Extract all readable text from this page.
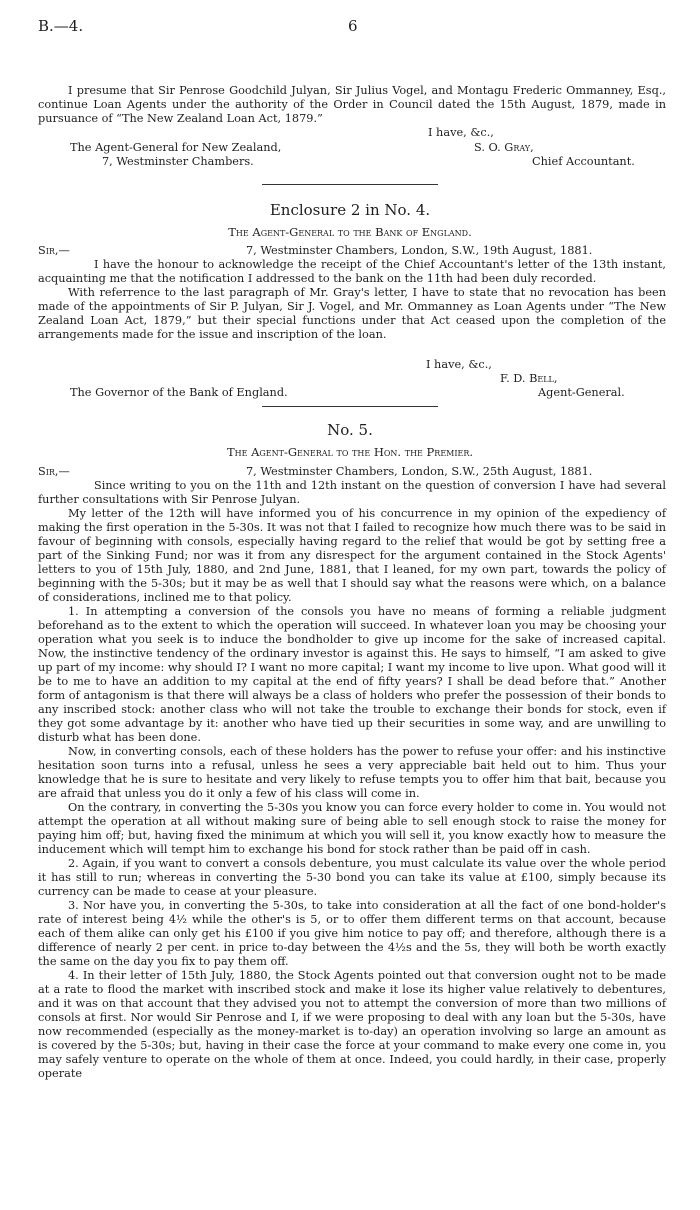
B.—4.	6

I presume that Sir Penrose Goodchild Julyan, Sir Julius Vogel, and Montagu Frederic Ommanney, Esq., continue Loan Agents under the authority of the Order in Council dated the 15th August, 1879, made in pursuance of “The New Zealand Loan Act, 1879.”

I have, &c.,
The Agent-General for New Zealand,	S. O. Gray,
7, Westminster Chambers.	Chief Accountant.
Enclosure 2 in No. 4.
The Agent-General to the Bank of England.
Sir,—	7, Westminster Chambers, London, S.W., 19th August, 1881.

I have the honour to acknowledge the receipt of the Chief Accountant's letter of the 13th instant, acquainting me that the notification I addressed to the bank on the 11th had been duly recorded.

With referrence to the last paragraph of Mr. Gray's letter, I have to state that no revocation has been made of the appointments of Sir P. Julyan, Sir J. Vogel, and Mr. Ommanney as Loan Agents under “The New Zealand Loan Act, 1879,” but their special functions under that Act ceased upon the completion of the arrangements made for the issue and inscription of the loan.

I have, &c.,
F. D. Bell,
The Governor of the Bank of England.	Agent-General.
No. 5.
The Agent-General to the Hon. the Premier.
Sir,—	7, Westminster Chambers, London, S.W., 25th August, 1881.

Since writing to you on the 11th and 12th instant on the question of conversion I have had several further consultations with Sir Penrose Julyan.

My letter of the 12th will have informed you of his concurrence in my opinion of the expediency of making the first operation in the 5-30s. It was not that I failed to recognize how much there was to be said in favour of beginning with consols, especially having regard to the relief that would be got by setting free a part of the Sinking Fund; nor was it from any disrespect for the argument contained in the Stock Agents' letters to you of 15th July, 1880, and 2nd June, 1881, that I leaned, for my own part, towards the policy of beginning with the 5-30s; but it may be as well that I should say what the reasons were which, on a balance of considerations, inclined me to that policy.

1. In attempting a conversion of the consols you have no means of forming a reliable judgment beforehand as to the extent to which the operation will succeed. In whatever loan you may be choosing your operation what you seek is to induce the bondholder to give up income for the sake of increased capital. Now, the instinctive tendency of the ordinary investor is against this. He says to himself, “I am asked to give up part of my income: why should I? I want no more capital; I want my income to live upon. What good will it be to me to have an addition to my capital at the end of fifty years? I shall be dead before that.” Another form of antagonism is that there will always be a class of holders who prefer the possession of their bonds to any inscribed stock: another class who will not take the trouble to exchange their bonds for stock, even if they got some advantage by it: another who have tied up their securities in some way, and are unwilling to disturb what has been done.

Now, in converting consols, each of these holders has the power to refuse your offer: and his instinctive hesitation soon turns into a refusal, unless he sees a very appreciable bait held out to him. Thus your knowledge that he is sure to hesitate and very likely to refuse tempts you to offer him that bait, because you are afraid that unless you do it only a few of his class will come in.

On the contrary, in converting the 5-30s you know you can force every holder to come in. You would not attempt the operation at all without making sure of being able to sell enough stock to raise the money for paying him off; but, having fixed the minimum at which you will sell it, you know exactly how to measure the inducement which will tempt him to exchange his bond for stock rather than be paid off in cash.

2. Again, if you want to convert a consols debenture, you must calculate its value over the whole period it has still to run; whereas in converting the 5-30 bond you can take its value at £100, simply because its currency can be made to cease at your pleasure.

3. Nor have you, in converting the 5-30s, to take into consideration at all the fact of one bond-holder's rate of interest being 4½ while the other's is 5, or to offer them different terms on that account, because each of them alike can only get his £100 if you give him notice to pay off; and therefore, although there is a difference of nearly 2 per cent. in price to-day between the 4½s and the 5s, they will both be worth exactly the same on the day you fix to pay them off.

4. In their letter of 15th July, 1880, the Stock Agents pointed out that conversion ought not to be made at a rate to flood the market with inscribed stock and make it lose its higher value relatively to debentures, and it was on that account that they advised you not to attempt the conversion of more than two millions of consols at first. Nor would Sir Penrose and I, if we were proposing to deal with any loan but the 5-30s, have now recommended (especially as the money-market is to-day) an operation involving so large an amount as is covered by the 5-30s; but, having in their case the force at your command to make every one come in, you may safely venture to operate on the whole of them at once. Indeed, you could hardly, in their case, properly operate
